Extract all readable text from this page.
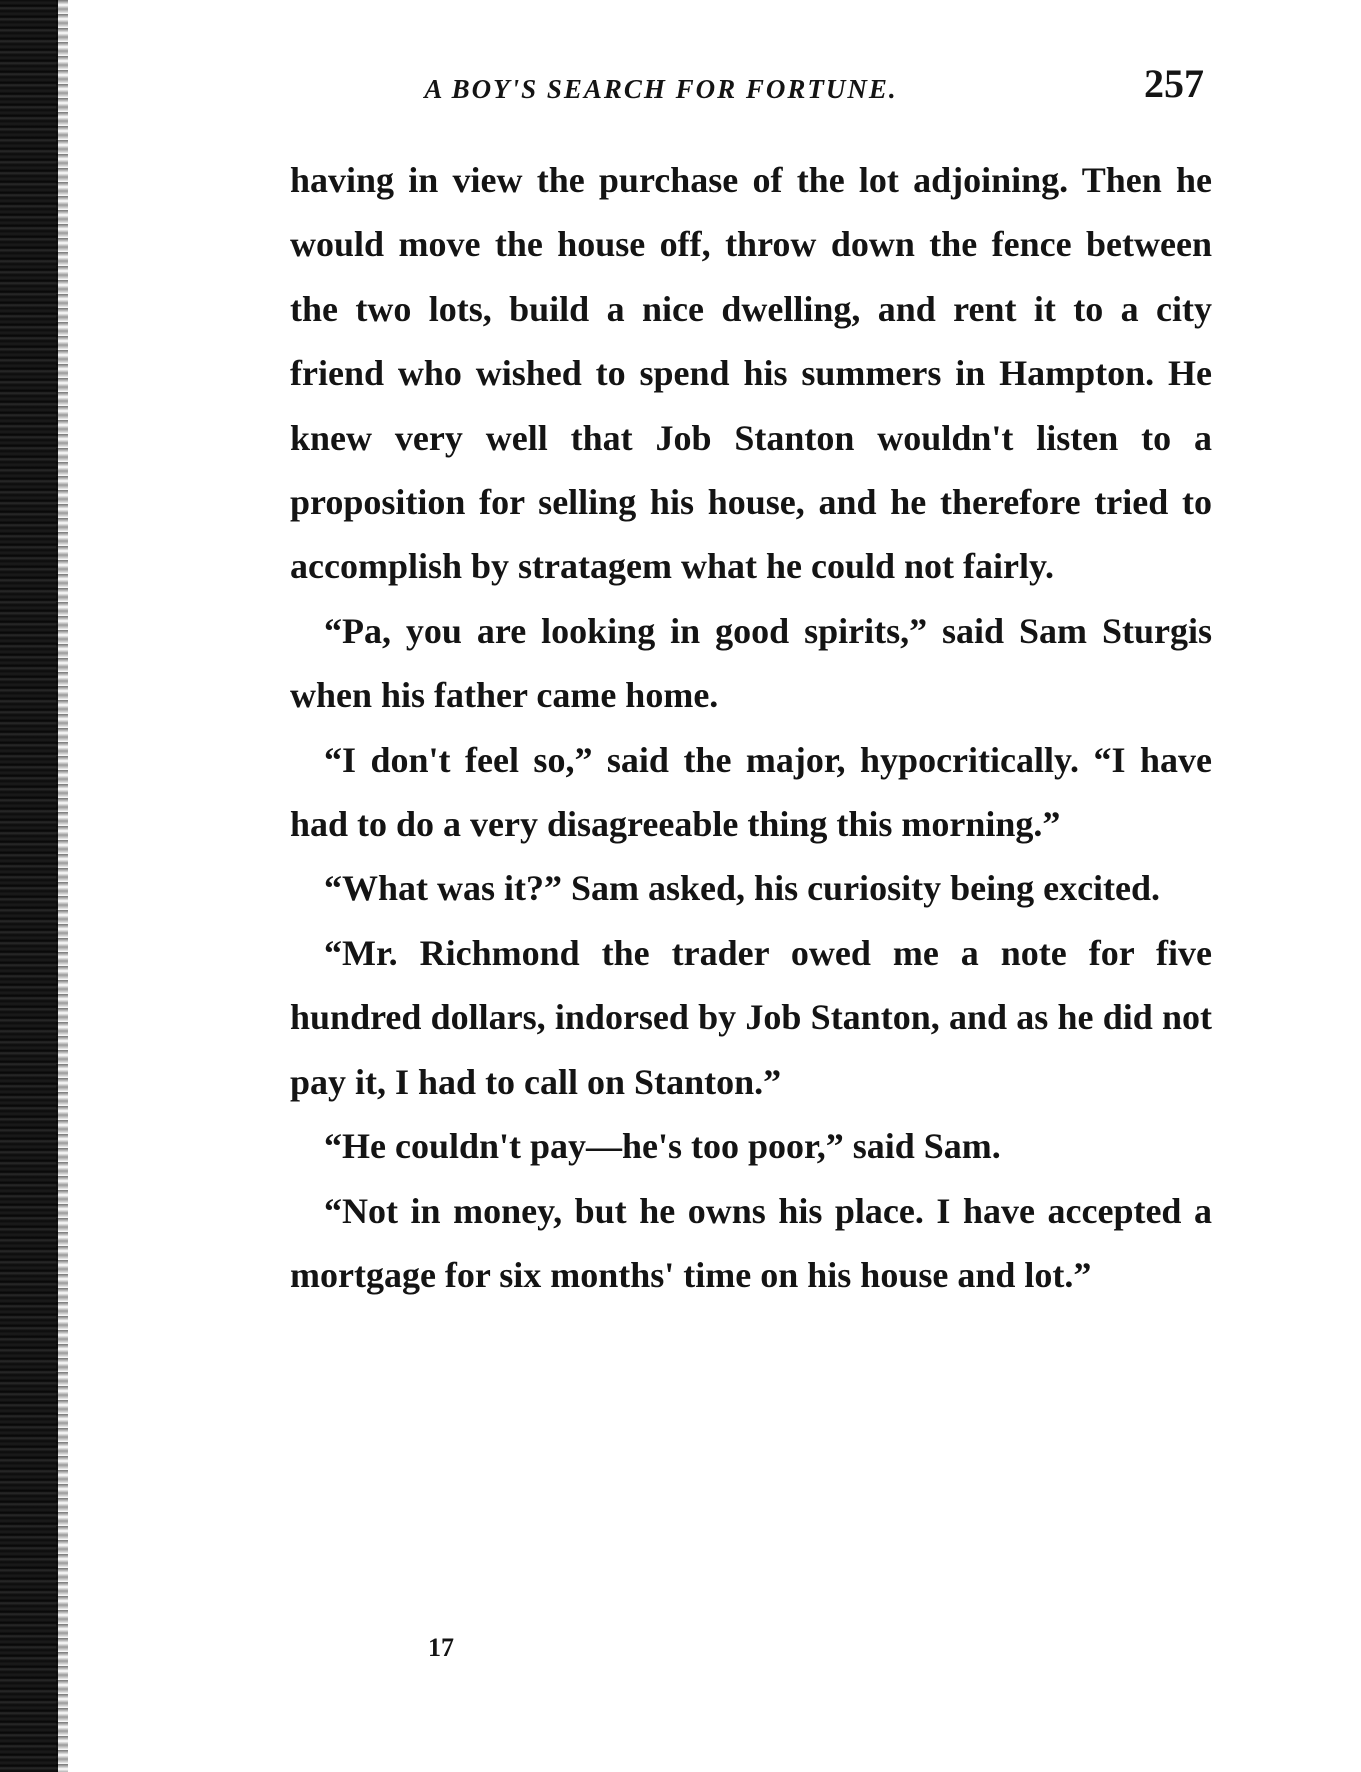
A BOY'S SEARCH FOR FORTUNE.	257

having in view the purchase of the lot adjoining. Then he would move the house off, throw down the fence between the two lots, build a nice dwelling, and rent it to a city friend who wished to spend his summers in Hampton. He knew very well that Job Stanton wouldn't listen to a proposition for selling his house, and he therefore tried to accomplish by stratagem what he could not fairly.

“Pa, you are looking in good spirits,” said Sam Sturgis when his father came home.

“I don't feel so,” said the major, hypocritically. “I have had to do a very disagreeable thing this morning.”

“What was it?” Sam asked, his curiosity being excited.

“Mr. Richmond the trader owed me a note for five hundred dollars, indorsed by Job Stanton, and as he did not pay it, I had to call on Stanton.”

“He couldn't pay—he's too poor,” said Sam.

“Not in money, but he owns his place. I have accepted a mortgage for six months' time on his house and lot.”

17
